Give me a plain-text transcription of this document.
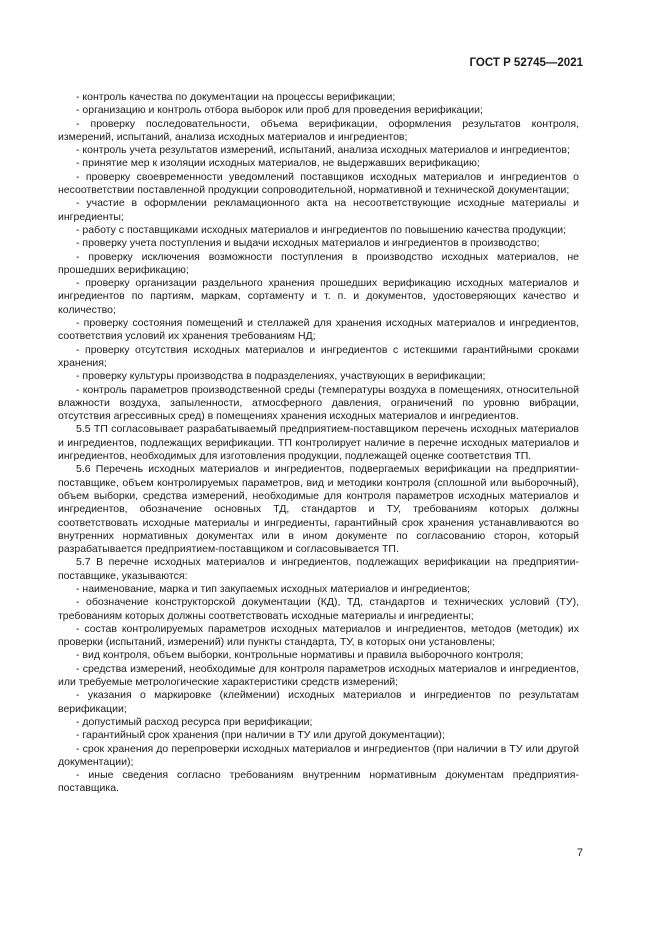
ГОСТ Р 52745—2021

- контроль качества по документации на процессы верификации;

- организацию и контроль отбора выборок или проб для проведения верификации;

- проверку последовательности, объема верификации, оформления результатов контроля, измерений, испытаний, анализа исходных материалов и ингредиентов;

- контроль учета результатов измерений, испытаний, анализа исходных материалов и ингредиентов;

- принятие мер к изоляции исходных материалов, не выдержавших верификацию;

- проверку своевременности уведомлений поставщиков исходных материалов и ингредиентов о несоответствии поставленной продукции сопроводительной, нормативной и технической документации;

- участие в оформлении рекламационного акта на несоответствующие исходные материалы и ингредиенты;

- работу с поставщиками исходных материалов и ингредиентов по повышению качества продукции;

- проверку учета поступления и выдачи исходных материалов и ингредиентов в производство;

- проверку исключения возможности поступления в производство исходных материалов, не прошедших верификацию;

- проверку организации раздельного хранения прошедших верификацию исходных материалов и ингредиентов по партиям, маркам, сортаменту и т. п. и документов, удостоверяющих качество и количество;

- проверку состояния помещений и стеллажей для хранения исходных материалов и ингредиентов, соответствия условий их хранения требованиям НД;

- проверку отсутствия исходных материалов и ингредиентов с истекшими гарантийными сроками хранения;

- проверку культуры производства в подразделениях, участвующих в верификации;

- контроль параметров производственной среды (температуры воздуха в помещениях, относительной влажности воздуха, запыленности, атмосферного давления, ограничений по уровню вибрации, отсутствия агрессивных сред) в помещениях хранения исходных материалов и ингредиентов.

5.5 ТП согласовывает разрабатываемый предприятием-поставщиком перечень исходных материалов и ингредиентов, подлежащих верификации. ТП контролирует наличие в перечне исходных материалов и ингредиентов, необходимых для изготовления продукции, подлежащей оценке соответствия ТП.

5.6 Перечень исходных материалов и ингредиентов, подвергаемых верификации на предприятии-поставщике, объем контролируемых параметров, вид и методики контроля (сплошной или выборочный), объем выборки, средства измерений, необходимые для контроля параметров исходных материалов и ингредиентов, обозначение основных ТД, стандартов и ТУ, требованиям которых должны соответствовать исходные материалы и ингредиенты, гарантийный срок хранения устанавливаются во внутренних нормативных документах или в ином документе по согласованию сторон, который разрабатывается предприятием-поставщиком и согласовывается ТП.

5.7 В перечне исходных материалов и ингредиентов, подлежащих верификации на предприятии-поставщике, указываются:

- наименование, марка и тип закупаемых исходных материалов и ингредиентов;

- обозначение конструкторской документации (КД), ТД, стандартов и технических условий (ТУ), требованиям которых должны соответствовать исходные материалы и ингредиенты;

- состав контролируемых параметров исходных материалов и ингредиентов, методов (методик) их проверки (испытаний, измерений) или пункты стандарта, ТУ, в которых они установлены;

- вид контроля, объем выборки, контрольные нормативы и правила выборочного контроля;

- средства измерений, необходимые для контроля параметров исходных материалов и ингредиентов, или требуемые метрологические характеристики средств измерений;

- указания о маркировке (клеймении) исходных материалов и ингредиентов по результатам верификации;

- допустимый расход ресурса при верификации;

- гарантийный срок хранения (при наличии в ТУ или другой документации);

- срок хранения до перепроверки исходных материалов и ингредиентов (при наличии в ТУ или другой документации);

- иные сведения согласно требованиям внутренним нормативным документам предприятия-поставщика.

7
